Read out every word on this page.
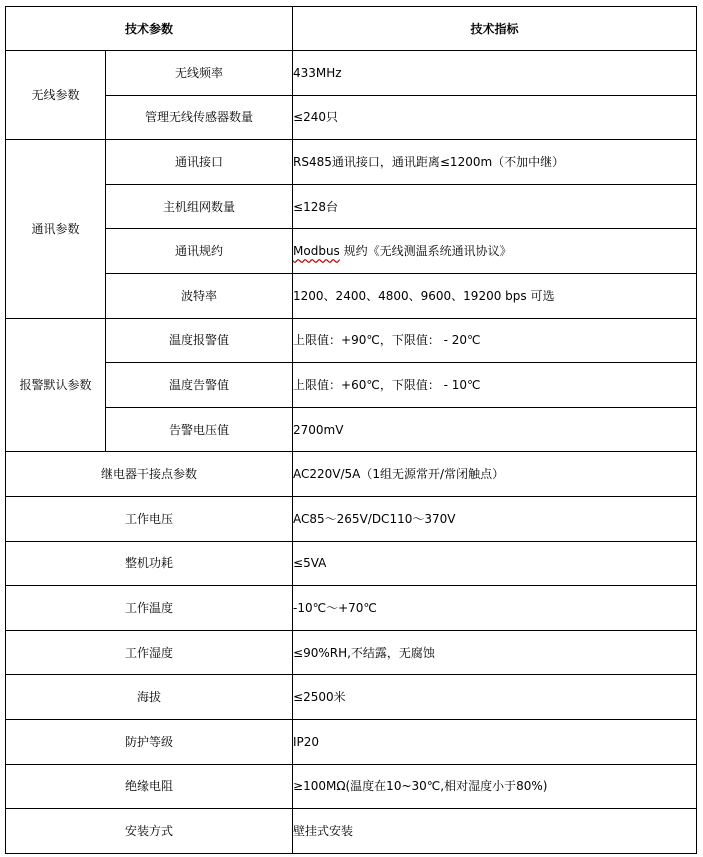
技术参数		技术指标
无线参数	无线频率	433MHz
	管理无线传感器数量	≤240只
通讯参数	通讯接口	RS485通讯接口，通讯距离≤1200m（不加中继）
	主机组网数量	≤128台
	通讯规约	Modbus 规约《无线测温系统通讯协议》
	波特率	1200、2400、4800、9600、19200 bps 可选
报警默认参数	温度报警值	上限值：+90℃，下限值： - 20℃
	温度告警值	上限值：+60℃，下限值： - 10℃
	告警电压值	2700mV
继电器干接点参数		AC220V/5A（1组无源常开/常闭触点）
工作电压		AC85～265V/DC110～370V
整机功耗		≤5VA
工作温度		-10℃～+70℃
工作湿度		≤90%RH,不结露，无腐蚀
海拔		≤2500米
防护等级		IP20
绝缘电阻		≥100MΩ(温度在10~30℃,相对湿度小于80%)
安装方式		壁挂式安装
